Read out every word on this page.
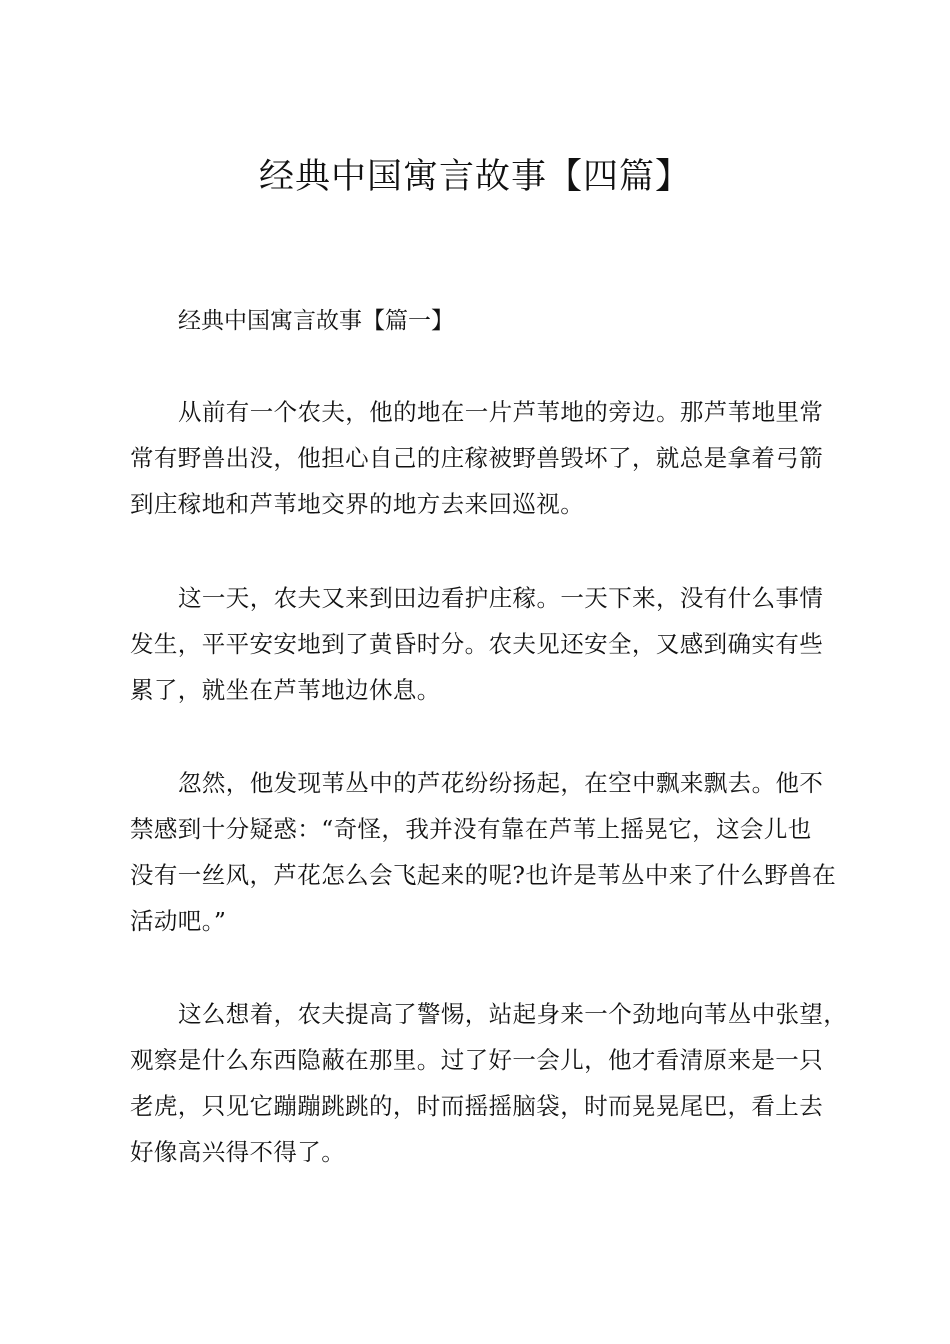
经典中国寓言故事【四篇】
经典中国寓言故事【篇一】

从前有一个农夫，他的地在一片芦苇地的旁边。那芦苇地里常
常有野兽出没，他担心自己的庄稼被野兽毁坏了，就总是拿着弓箭
到庄稼地和芦苇地交界的地方去来回巡视。

这一天，农夫又来到田边看护庄稼。一天下来，没有什么事情
发生，平平安安地到了黄昏时分。农夫见还安全，又感到确实有些
累了，就坐在芦苇地边休息。

忽然，他发现苇丛中的芦花纷纷扬起，在空中飘来飘去。他不
禁感到十分疑惑：“奇怪，我并没有靠在芦苇上摇晃它，这会儿也
没有一丝风，芦花怎么会飞起来的呢?也许是苇丛中来了什么野兽在
活动吧。”

这么想着，农夫提高了警惕，站起身来一个劲地向苇丛中张望，
观察是什么东西隐蔽在那里。过了好一会儿，他才看清原来是一只
老虎，只见它蹦蹦跳跳的，时而摇摇脑袋，时而晃晃尾巴，看上去
好像高兴得不得了。
